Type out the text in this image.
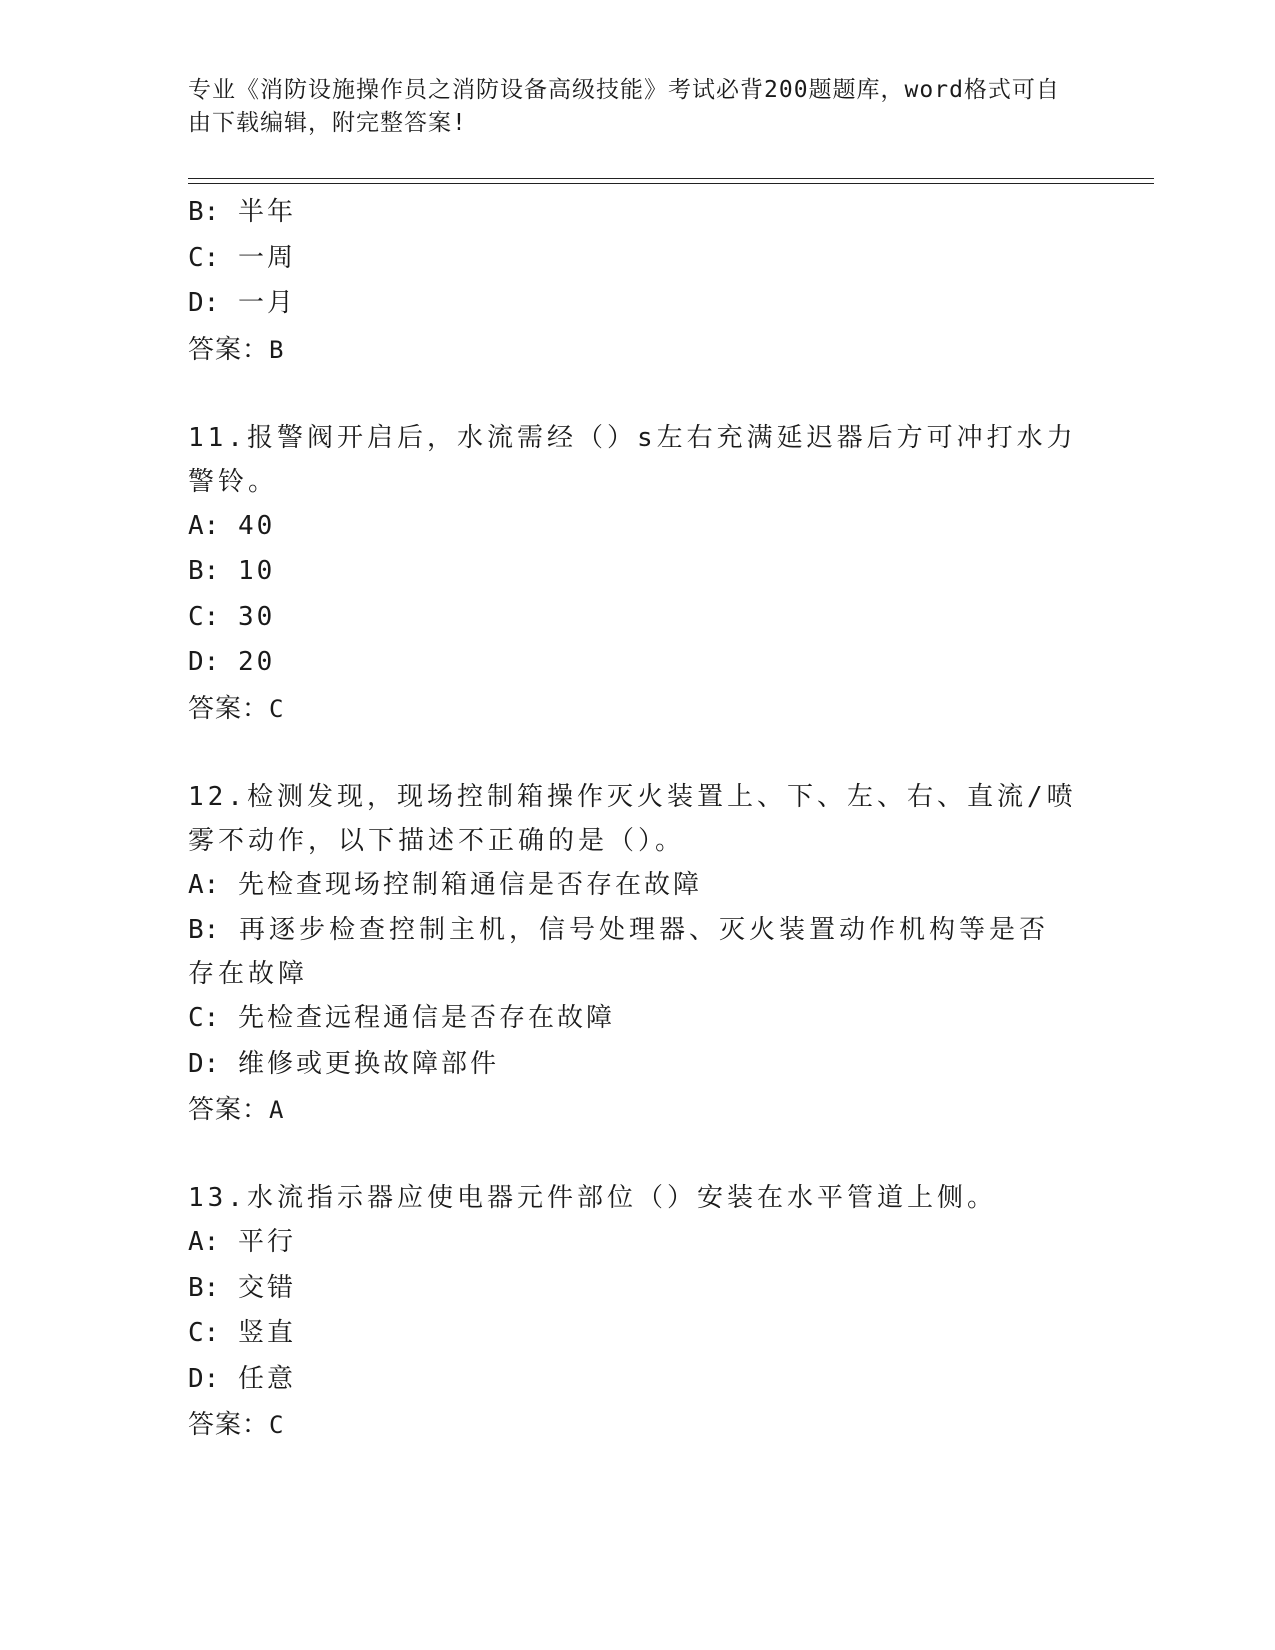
专业《消防设施操作员之消防设备高级技能》考试必背200题题库，word格式可自由下载编辑，附完整答案!
B: 半年
C: 一周
D: 一月
答案：B
11.报警阀开启后，水流需经（）s左右充满延迟器后方可冲打水力警铃。
A: 40
B: 10
C: 30
D: 20
答案：C
12.检测发现，现场控制箱操作灭火装置上、下、左、右、直流/喷雾不动作，以下描述不正确的是（）。
A: 先检查现场控制箱通信是否存在故障
B: 再逐步检查控制主机，信号处理器、灭火装置动作机构等是否存在故障
C: 先检查远程通信是否存在故障
D: 维修或更换故障部件
答案：A
13.水流指示器应使电器元件部位（）安装在水平管道上侧。
A: 平行
B: 交错
C: 竖直
D: 任意
答案：C
